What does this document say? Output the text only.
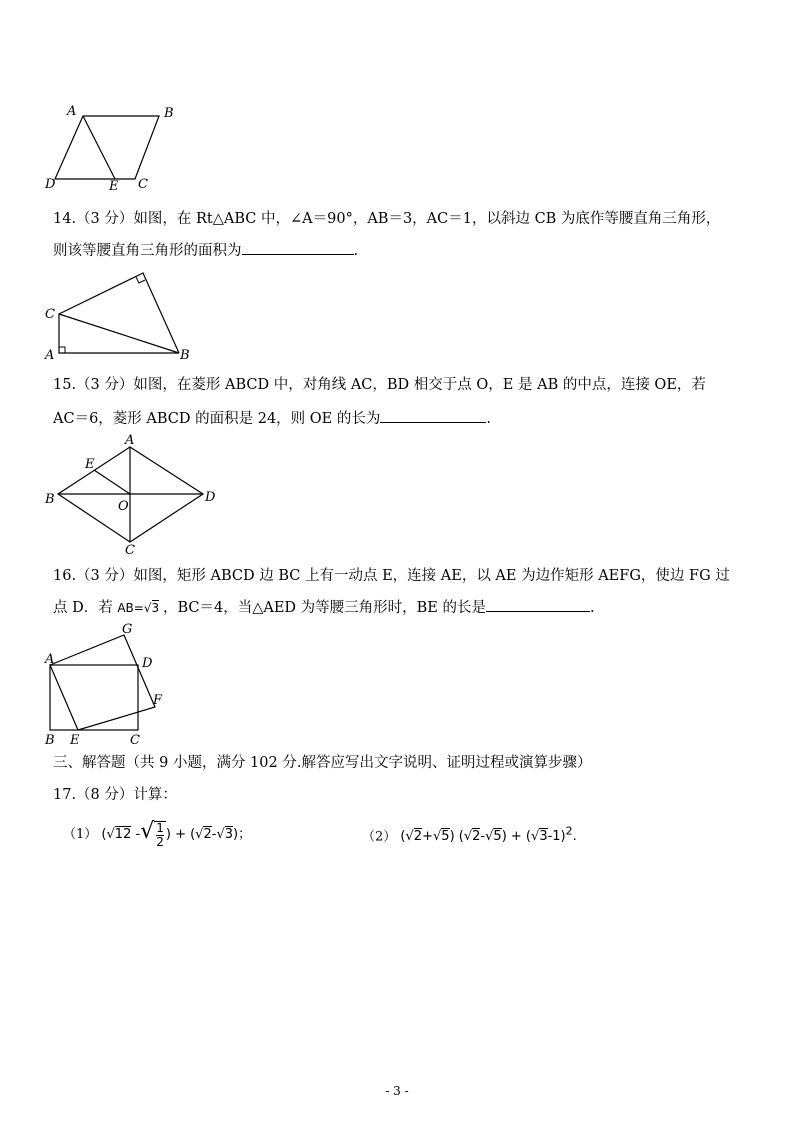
A	B
D	E C
14.（3 分）如图，在 Rt△ABC 中，∠A＝90°，AB＝3，AC＝1，以斜边 CB 为底作等腰直角三角形，
则该等腰直角三角形的面积为	.
C
A	B
15.（3 分）如图，在菱形 ABCD 中，对角线 AC，BD 相交于点 O，E 是 AB 的中点，连接 OE，若
AC＝6，菱形 ABCD 的面积是 24，则 OE 的长为	.
A
E
B	O
D
C
16.（3 分）如图，矩形 ABCD 边 BC 上有一动点 E，连接 AE，以 AE 为边作矩形 AEFG，使边 FG 过
点 D．若 AB=√3 ，BC＝4，当△AED 为等腰三角形时，BE 的长是	.
G
A	D
F
B E	C
三、解答题（共 9 小题，满分 102 分.解答应写出文字说明、证明过程或演算步骤）
17.（8 分）计算：
（1） (√12 -√ $\frac{1}{2}$ ) + (√2-√3)；	（2） (√2+√5) $(√2-√5) + (√3-1)^2$.
- 3 -
